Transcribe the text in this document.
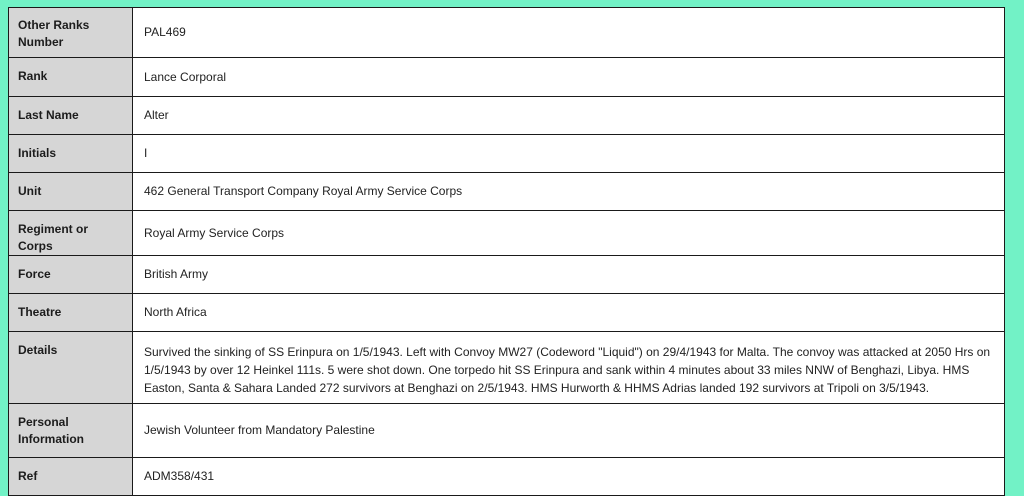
Other Ranks Number	PAL469
Rank	Lance Corporal
Last Name	Alter
Initials	I
Unit	462 General Transport Company Royal Army Service Corps
Regiment or Corps	Royal Army Service Corps
Force	British Army
Theatre	North Africa
Details	Survived the sinking of SS Erinpura on 1/5/1943. Left with Convoy MW27 (Codeword "Liquid") on 29/4/1943 for Malta. The convoy was attacked at 2050 Hrs on 1/5/1943 by over 12 Heinkel 111s. 5 were shot down. One torpedo hit SS Erinpura and sank within 4 minutes about 33 miles NNW of Benghazi, Libya. HMS Easton, Santa & Sahara Landed 272 survivors at Benghazi on 2/5/1943. HMS Hurworth & HHMS Adrias landed 192 survivors at Tripoli on 3/5/1943.
Personal Information	Jewish Volunteer from Mandatory Palestine
Ref	ADM358/431
